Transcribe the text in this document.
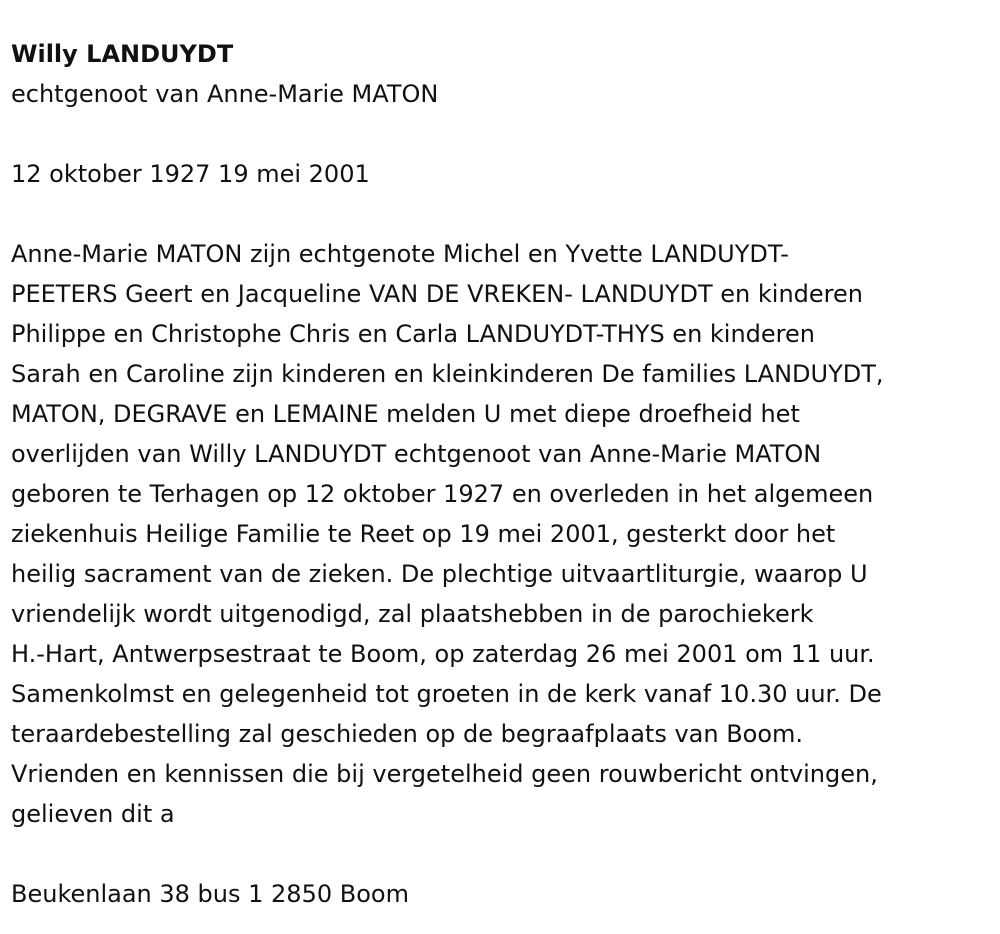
Willy LANDUYDT

echtgenoot van Anne-Marie MATON

12 oktober 1927 19 mei 2001

Anne-Marie MATON zijn echtgenote Michel en Yvette LANDUYDT-
PEETERS Geert en Jacqueline VAN DE VREKEN- LANDUYDT en kinderen
Philippe en Christophe Chris en Carla LANDUYDT-THYS en kinderen
Sarah en Caroline zijn kinderen en kleinkinderen De families LANDUYDT,
MATON, DEGRAVE en LEMAINE melden U met diepe droefheid het
overlijden van Willy LANDUYDT echtgenoot van Anne-Marie MATON
geboren te Terhagen op 12 oktober 1927 en overleden in het algemeen
ziekenhuis Heilige Familie te Reet op 19 mei 2001, gesterkt door het
heilig sacrament van de zieken. De plechtige uitvaartliturgie, waarop U
vriendelijk wordt uitgenodigd, zal plaatshebben in de parochiekerk
H.-Hart, Antwerpsestraat te Boom, op zaterdag 26 mei 2001 om 11 uur.
Samenkolmst en gelegenheid tot groeten in de kerk vanaf 10.30 uur. De
teraardebestelling zal geschieden op de begraafplaats van Boom.
Vrienden en kennissen die bij vergetelheid geen rouwbericht ontvingen,
gelieven dit a

Beukenlaan 38 bus 1 2850 Boom
